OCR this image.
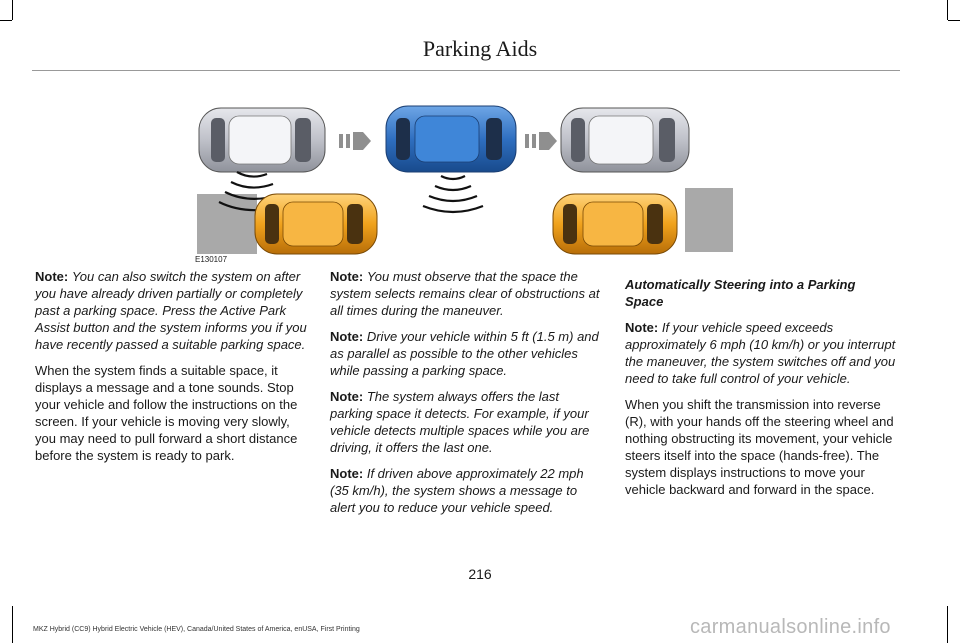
Parking Aids
E130107

Note: You can also switch the system on after you have already driven partially or completely past a parking space. Press the Active Park Assist button and the system informs you if you have recently passed a suitable parking space.

When the system finds a suitable space, it displays a message and a tone sounds. Stop your vehicle and follow the instructions on the screen. If your vehicle is moving very slowly, you may need to pull forward a short distance before the system is ready to park.

Note: You must observe that the space the system selects remains clear of obstructions at all times during the maneuver.

Note: Drive your vehicle within 5 ft (1.5 m) and as parallel as possible to the other vehicles while passing a parking space.

Note: The system always offers the last parking space it detects. For example, if your vehicle detects multiple spaces while you are driving, it offers the last one.

Note: If driven above approximately 22 mph (35 km/h), the system shows a message to alert you to reduce your vehicle speed.

Automatically Steering into a Parking Space

Note: If your vehicle speed exceeds approximately 6 mph (10 km/h) or you interrupt the maneuver, the system switches off and you need to take full control of your vehicle.

When you shift the transmission into reverse (R), with your hands off the steering wheel and nothing obstructing its movement, your vehicle steers itself into the space (hands-free). The system displays instructions to move your vehicle backward and forward in the space.

216
MKZ Hybrid (CC9) Hybrid Electric Vehicle (HEV), Canada/United States of America, enUSA, First Printing	carmanualsonline.info
